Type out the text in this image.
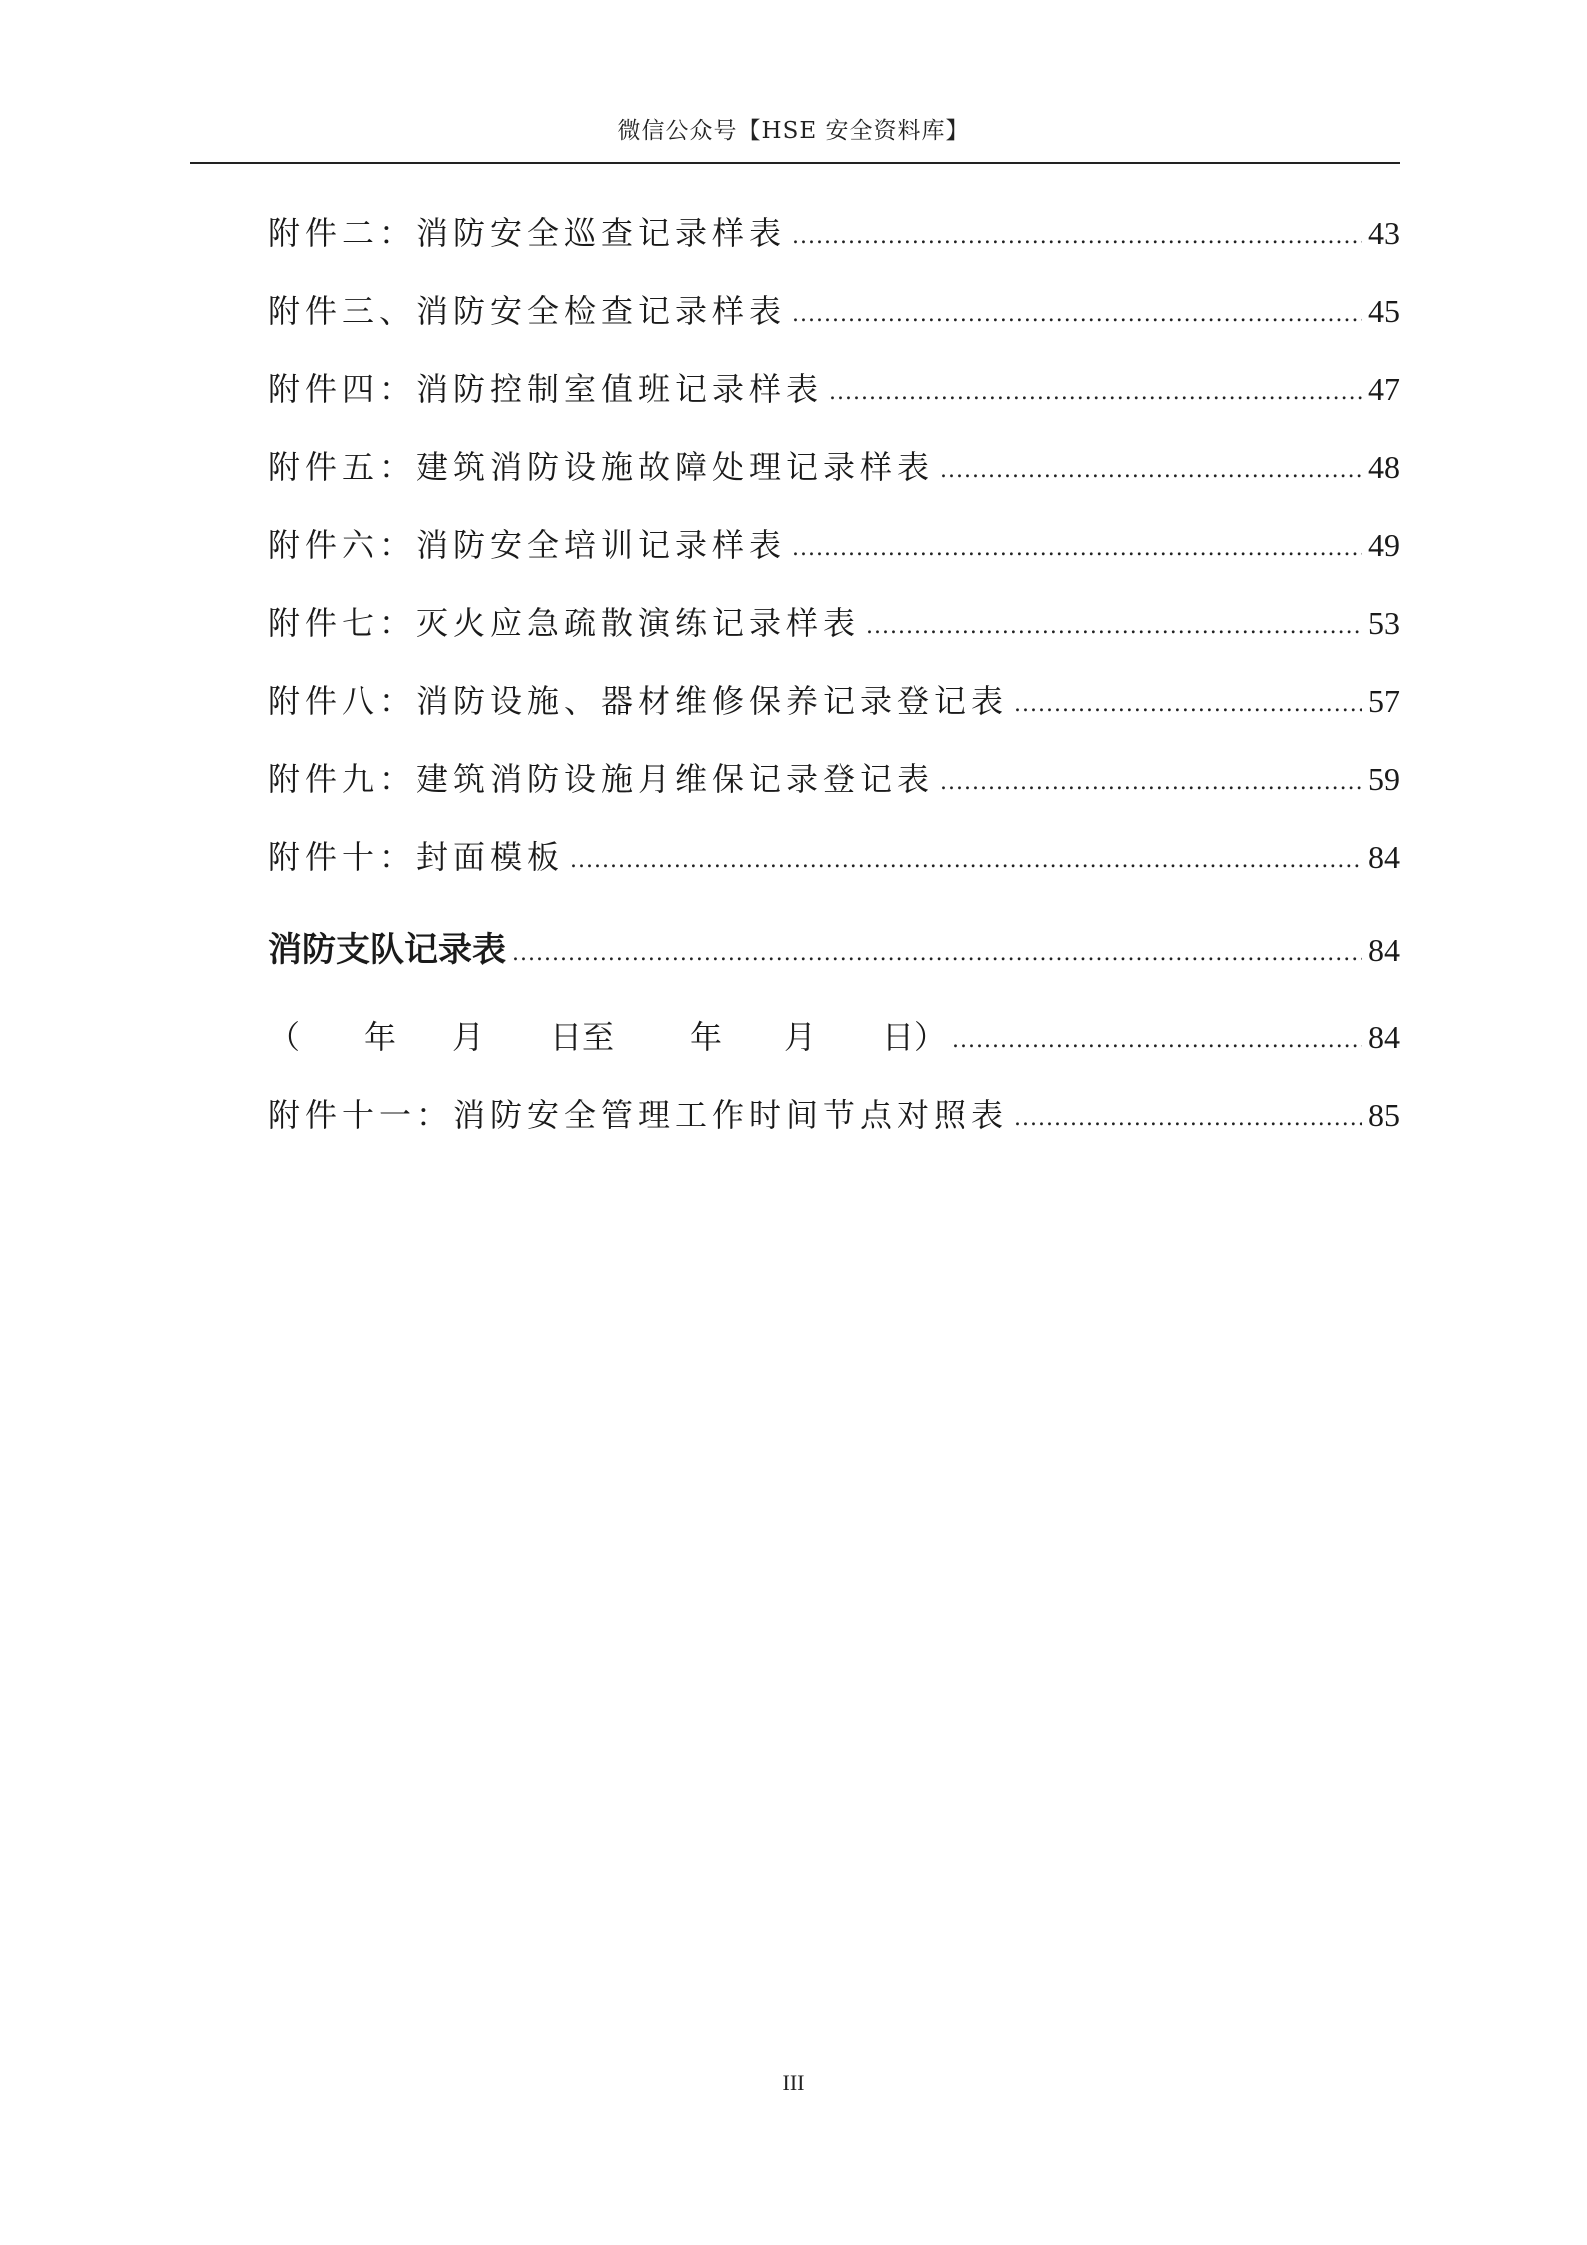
微信公众号【HSE 安全资料库】
附件二：消防安全巡查记录样表 .....	43
附件三、消防安全检查记录样表 .....	45
附件四：消防控制室值班记录样表 .....	47
附件五：建筑消防设施故障处理记录样表 .....	48
附件六：消防安全培训记录样表 .....	49
附件七：灭火应急疏散演练记录样表 .....	53
附件八：消防设施、器材维修保养记录登记表 .....	57
附件九：建筑消防设施月维保记录登记表 .....	59
附件十：封面模板 .....	84
消防支队记录表 .....	84
（	年	月	日至	年	月	日） .....	84
附件十一：消防安全管理工作时间节点对照表 .....	85
III
